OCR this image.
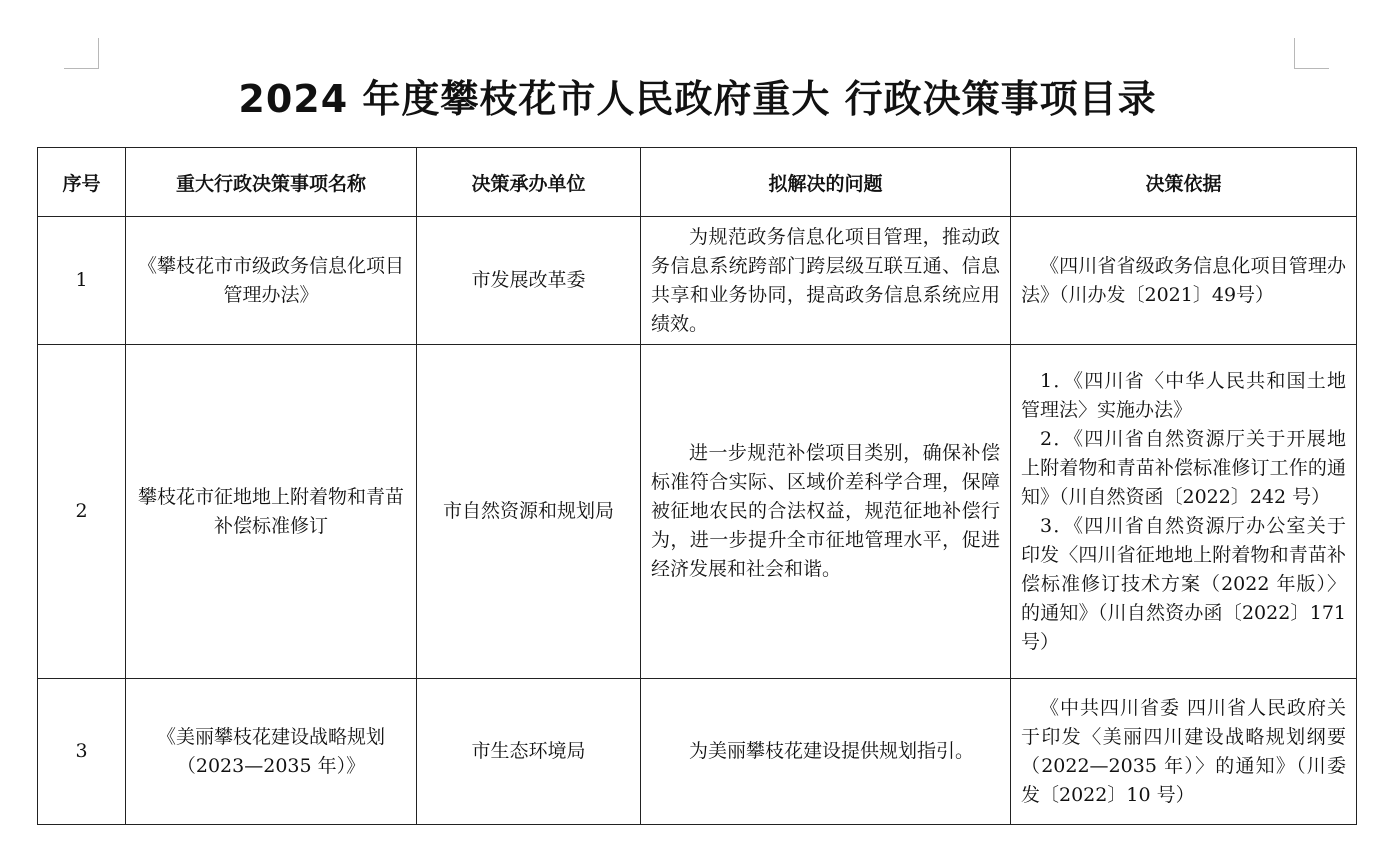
2024 年度攀枝花市人民政府重大 行政决策事项目录
序号	重大行政决策事项名称	决策承办单位	拟解决的问题	决策依据
1	《攀枝花市市级政务信息化项目管理办法》	市发展改革委	为规范政务信息化项目管理，推动政务信息系统跨部门跨层级互联互通、信息共享和业务协同，提高政务信息系统应用绩效。	《四川省省级政务信息化项目管理办法》（川办发〔2021〕49号）

2	攀枝花市征地地上附着物和青苗补偿标准修订	市自然资源和规划局	进一步规范补偿项目类别，确保补偿标准符合实际、区域价差科学合理，保障被征地农民的合法权益，规范征地补偿行为，进一步提升全市征地管理水平，促进经济发展和社会和谐。	1．《四川省〈中华人民共和国土地管理法〉实施办法》
2．《四川省自然资源厅关于开展地上附着物和青苗补偿标准修订工作的通知》（川自然资函〔2022〕242 号）
3．《四川省自然资源厅办公室关于印发〈四川省征地地上附着物和青苗补偿标准修订技术方案（2022 年版）〉的通知》（川自然资办函〔2022〕171 号）

3	《美丽攀枝花建设战略规划（2023—2035 年）》	市生态环境局	为美丽攀枝花建设提供规划指引。	《中共四川省委 四川省人民政府关于印发〈美丽四川建设战略规划纲要（2022—2035 年）〉的通知》（川委发〔2022〕10 号）
